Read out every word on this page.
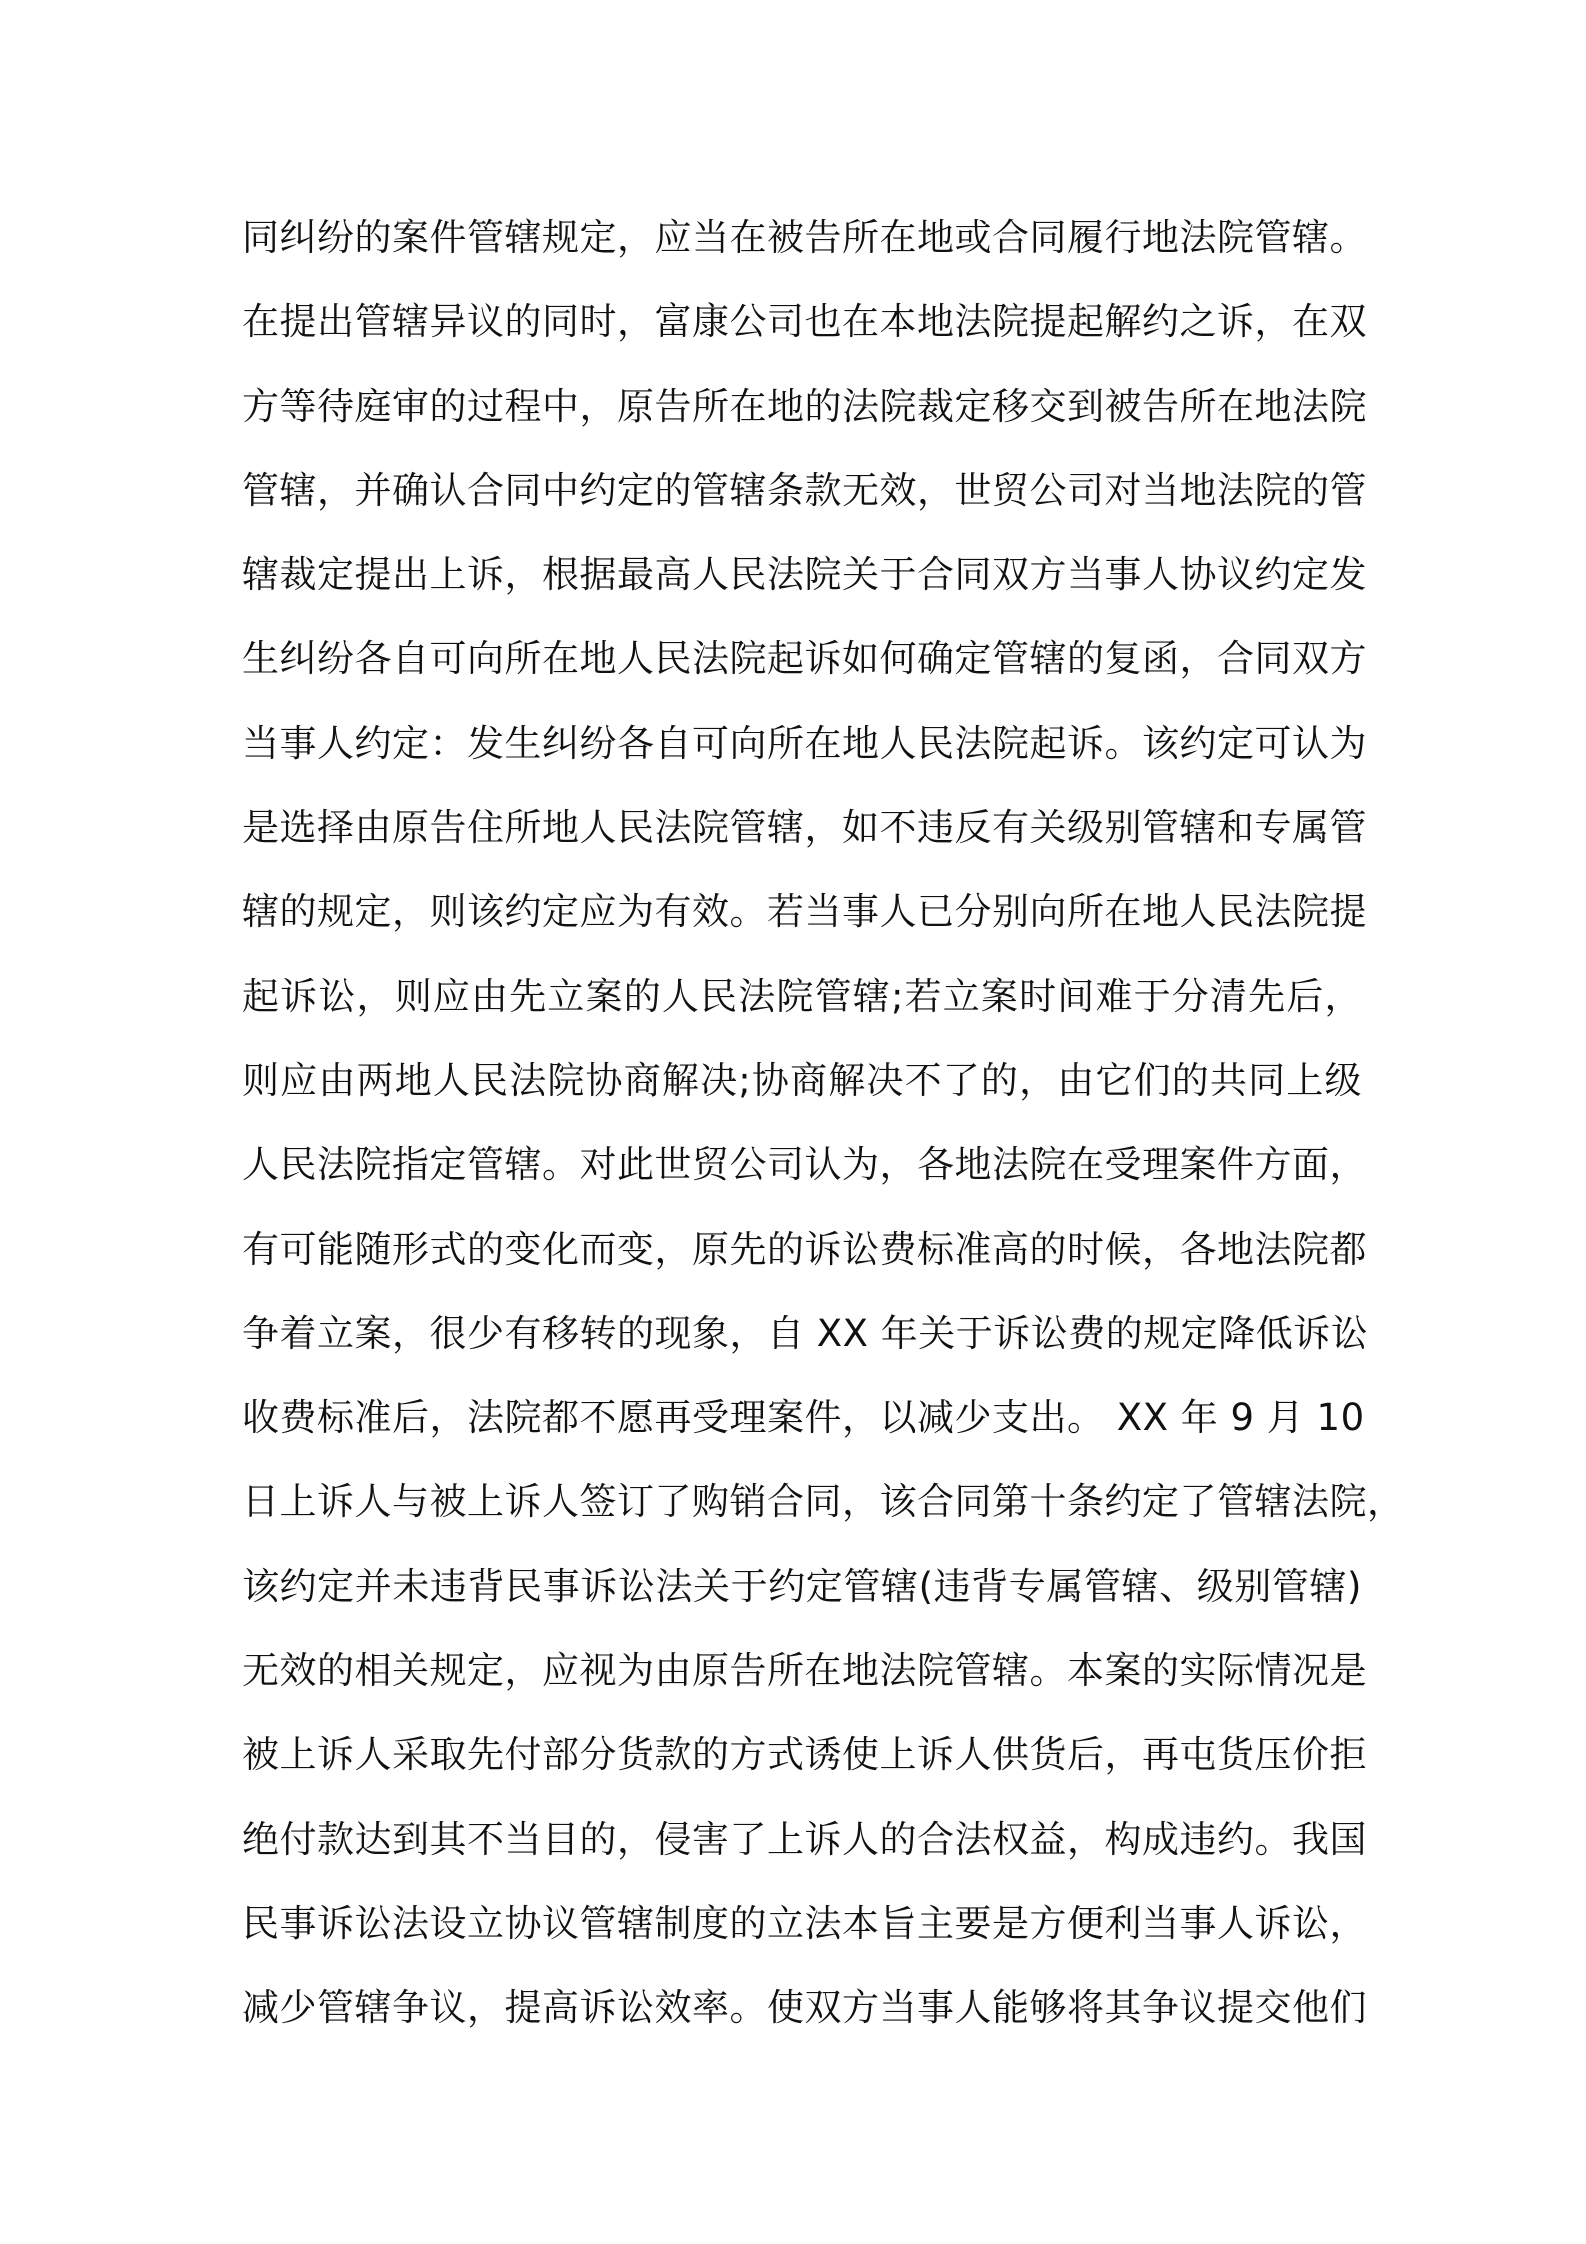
同纠纷的案件管辖规定，应当在被告所在地或合同履行地法院管辖。
在提出管辖异议的同时，富康公司也在本地法院提起解约之诉，在双
方等待庭审的过程中，原告所在地的法院裁定移交到被告所在地法院
管辖，并确认合同中约定的管辖条款无效，世贸公司对当地法院的管
辖裁定提出上诉，根据最高人民法院关于合同双方当事人协议约定发
生纠纷各自可向所在地人民法院起诉如何确定管辖的复函，合同双方
当事人约定：发生纠纷各自可向所在地人民法院起诉。该约定可认为
是选择由原告住所地人民法院管辖，如不违反有关级别管辖和专属管
辖的规定，则该约定应为有效。若当事人已分别向所在地人民法院提
起诉讼，则应由先立案的人民法院管辖;若立案时间难于分清先后，
则应由两地人民法院协商解决;协商解决不了的，由它们的共同上级
人民法院指定管辖。对此世贸公司认为，各地法院在受理案件方面，
有可能随形式的变化而变，原先的诉讼费标准高的时候，各地法院都
争着立案，很少有移转的现象，自 XX 年关于诉讼费的规定降低诉讼
收费标准后，法院都不愿再受理案件，以减少支出。 XX 年 9 月 10
日上诉人与被上诉人签订了购销合同，该合同第十条约定了管辖法院，
该约定并未违背民事诉讼法关于约定管辖(违背专属管辖、级别管辖)
无效的相关规定，应视为由原告所在地法院管辖。本案的实际情况是
被上诉人采取先付部分货款的方式诱使上诉人供货后，再屯货压价拒
绝付款达到其不当目的，侵害了上诉人的合法权益，构成违约。我国
民事诉讼法设立协议管辖制度的立法本旨主要是方便利当事人诉讼，
减少管辖争议，提高诉讼效率。使双方当事人能够将其争议提交他们
